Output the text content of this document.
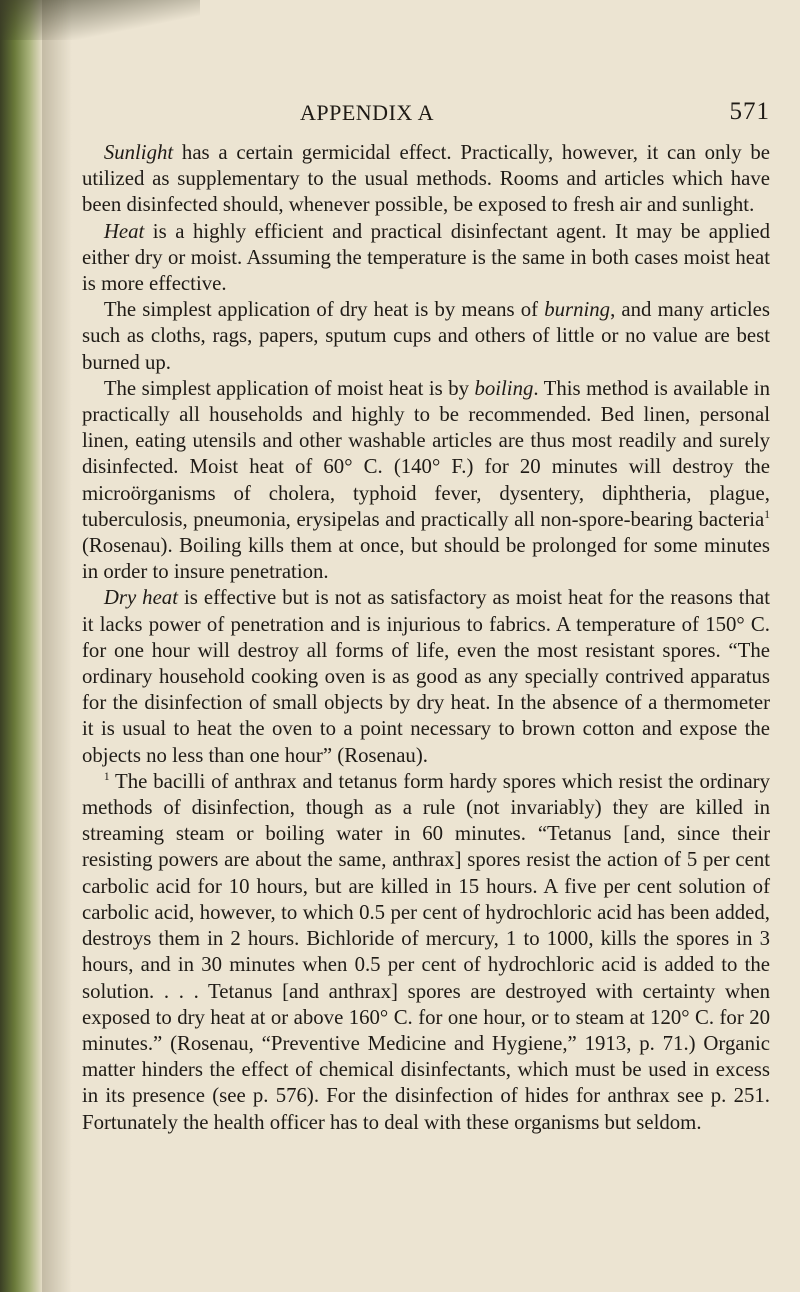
APPENDIX A	571

Sunlight has a certain germicidal effect. Practically, however, it can only be utilized as supplementary to the usual methods. Rooms and articles which have been disinfected should, whenever possible, be exposed to fresh air and sunlight.

Heat is a highly efficient and practical disinfectant agent. It may be applied either dry or moist. Assuming the temperature is the same in both cases moist heat is more effective.

The simplest application of dry heat is by means of burning, and many articles such as cloths, rags, papers, sputum cups and others of little or no value are best burned up.

The simplest application of moist heat is by boiling. This method is available in practically all households and highly to be recommended. Bed linen, personal linen, eating utensils and other washable articles are thus most readily and surely disinfected. Moist heat of 60° C. (140° F.) for 20 minutes will destroy the microörganisms of cholera, typhoid fever, dysentery, diphtheria, plague, tuberculosis, pneumonia, erysipelas and practically all non-spore-bearing bacteria$^1$ (Rosenau). Boiling kills them at once, but should be prolonged for some minutes in order to insure penetration.

Dry heat is effective but is not as satisfactory as moist heat for the reasons that it lacks power of penetration and is injurious to fabrics. A temperature of 150° C. for one hour will destroy all forms of life, even the most resistant spores. “The ordinary household cooking oven is as good as any specially contrived apparatus for the disinfection of small objects by dry heat. In the absence of a thermometer it is usual to heat the oven to a point necessary to brown cotton and expose the objects no less than one hour” (Rosenau).

$^1$ The bacilli of anthrax and tetanus form hardy spores which resist the ordinary methods of disinfection, though as a rule (not invariably) they are killed in streaming steam or boiling water in 60 minutes. “Tetanus [and, since their resisting powers are about the same, anthrax] spores resist the action of 5 per cent carbolic acid for 10 hours, but are killed in 15 hours. A five per cent solution of carbolic acid, however, to which 0.5 per cent of hydrochloric acid has been added, destroys them in 2 hours. Bichloride of mercury, 1 to 1000, kills the spores in 3 hours, and in 30 minutes when 0.5 per cent of hydrochloric acid is added to the solution. . . . Tetanus [and anthrax] spores are destroyed with certainty when exposed to dry heat at or above 160° C. for one hour, or to steam at 120° C. for 20 minutes.” (Rosenau, “Preventive Medicine and Hygiene,” 1913, p. 71.) Organic matter hinders the effect of chemical disinfectants, which must be used in excess in its presence (see p. 576). For the disinfection of hides for anthrax see p. 251. Fortunately the health officer has to deal with these organisms but seldom.
